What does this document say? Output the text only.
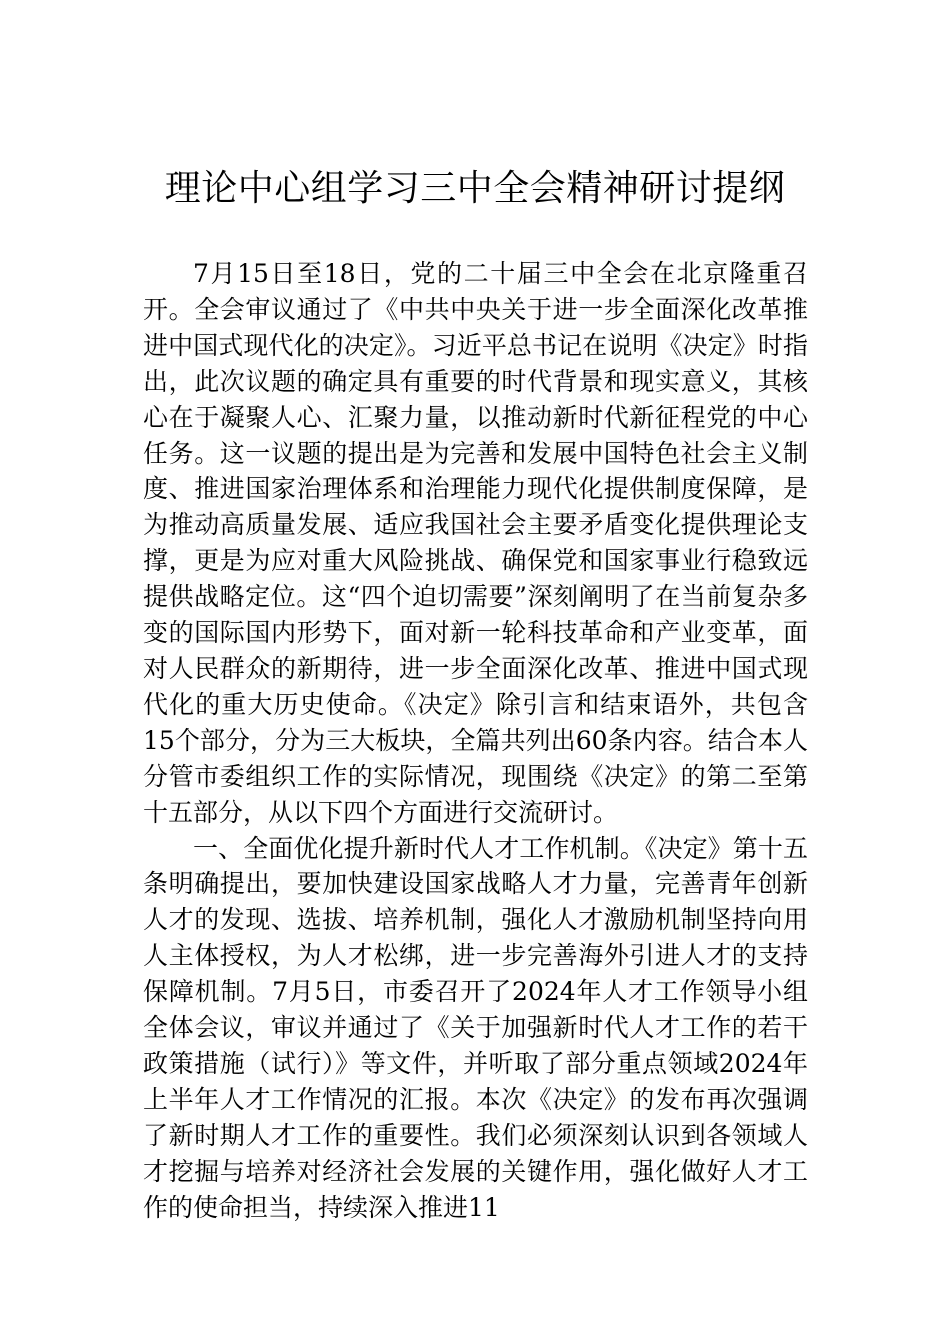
理论中心组学习三中全会精神研讨提纲

7月15日至18日，党的二十届三中全会在北京隆重召开。全会审议通过了《中共中央关于进一步全面深化改革推进中国式现代化的决定》。习近平总书记在说明《决定》时指出，此次议题的确定具有重要的时代背景和现实意义，其核心在于凝聚人心、汇聚力量，以推动新时代新征程党的中心任务。这一议题的提出是为完善和发展中国特色社会主义制度、推进国家治理体系和治理能力现代化提供制度保障，是为推动高质量发展、适应我国社会主要矛盾变化提供理论支撑，更是为应对重大风险挑战、确保党和国家事业行稳致远提供战略定位。这“四个迫切需要”深刻阐明了在当前复杂多变的国际国内形势下，面对新一轮科技革命和产业变革，面对人民群众的新期待，进一步全面深化改革、推进中国式现代化的重大历史使命。《决定》除引言和结束语外，共包含15个部分，分为三大板块，全篇共列出60条内容。结合本人分管市委组织工作的实际情况，现围绕《决定》的第二至第十五部分，从以下四个方面进行交流研讨。

一、全面优化提升新时代人才工作机制。《决定》第十五条明确提出，要加快建设国家战略人才力量，完善青年创新人才的发现、选拔、培养机制，强化人才激励机制坚持向用人主体授权，为人才松绑，进一步完善海外引进人才的支持保障机制。7月5日，市委召开了2024年人才工作领导小组全体会议，审议并通过了《关于加强新时代人才工作的若干政策措施（试行）》等文件，并听取了部分重点领域2024年上半年人才工作情况的汇报。本次《决定》的发布再次强调了新时期人才工作的重要性。我们必须深刻认识到各领域人才挖掘与培养对经济社会发展的关键作用，强化做好人才工作的使命担当，持续深入推进11
